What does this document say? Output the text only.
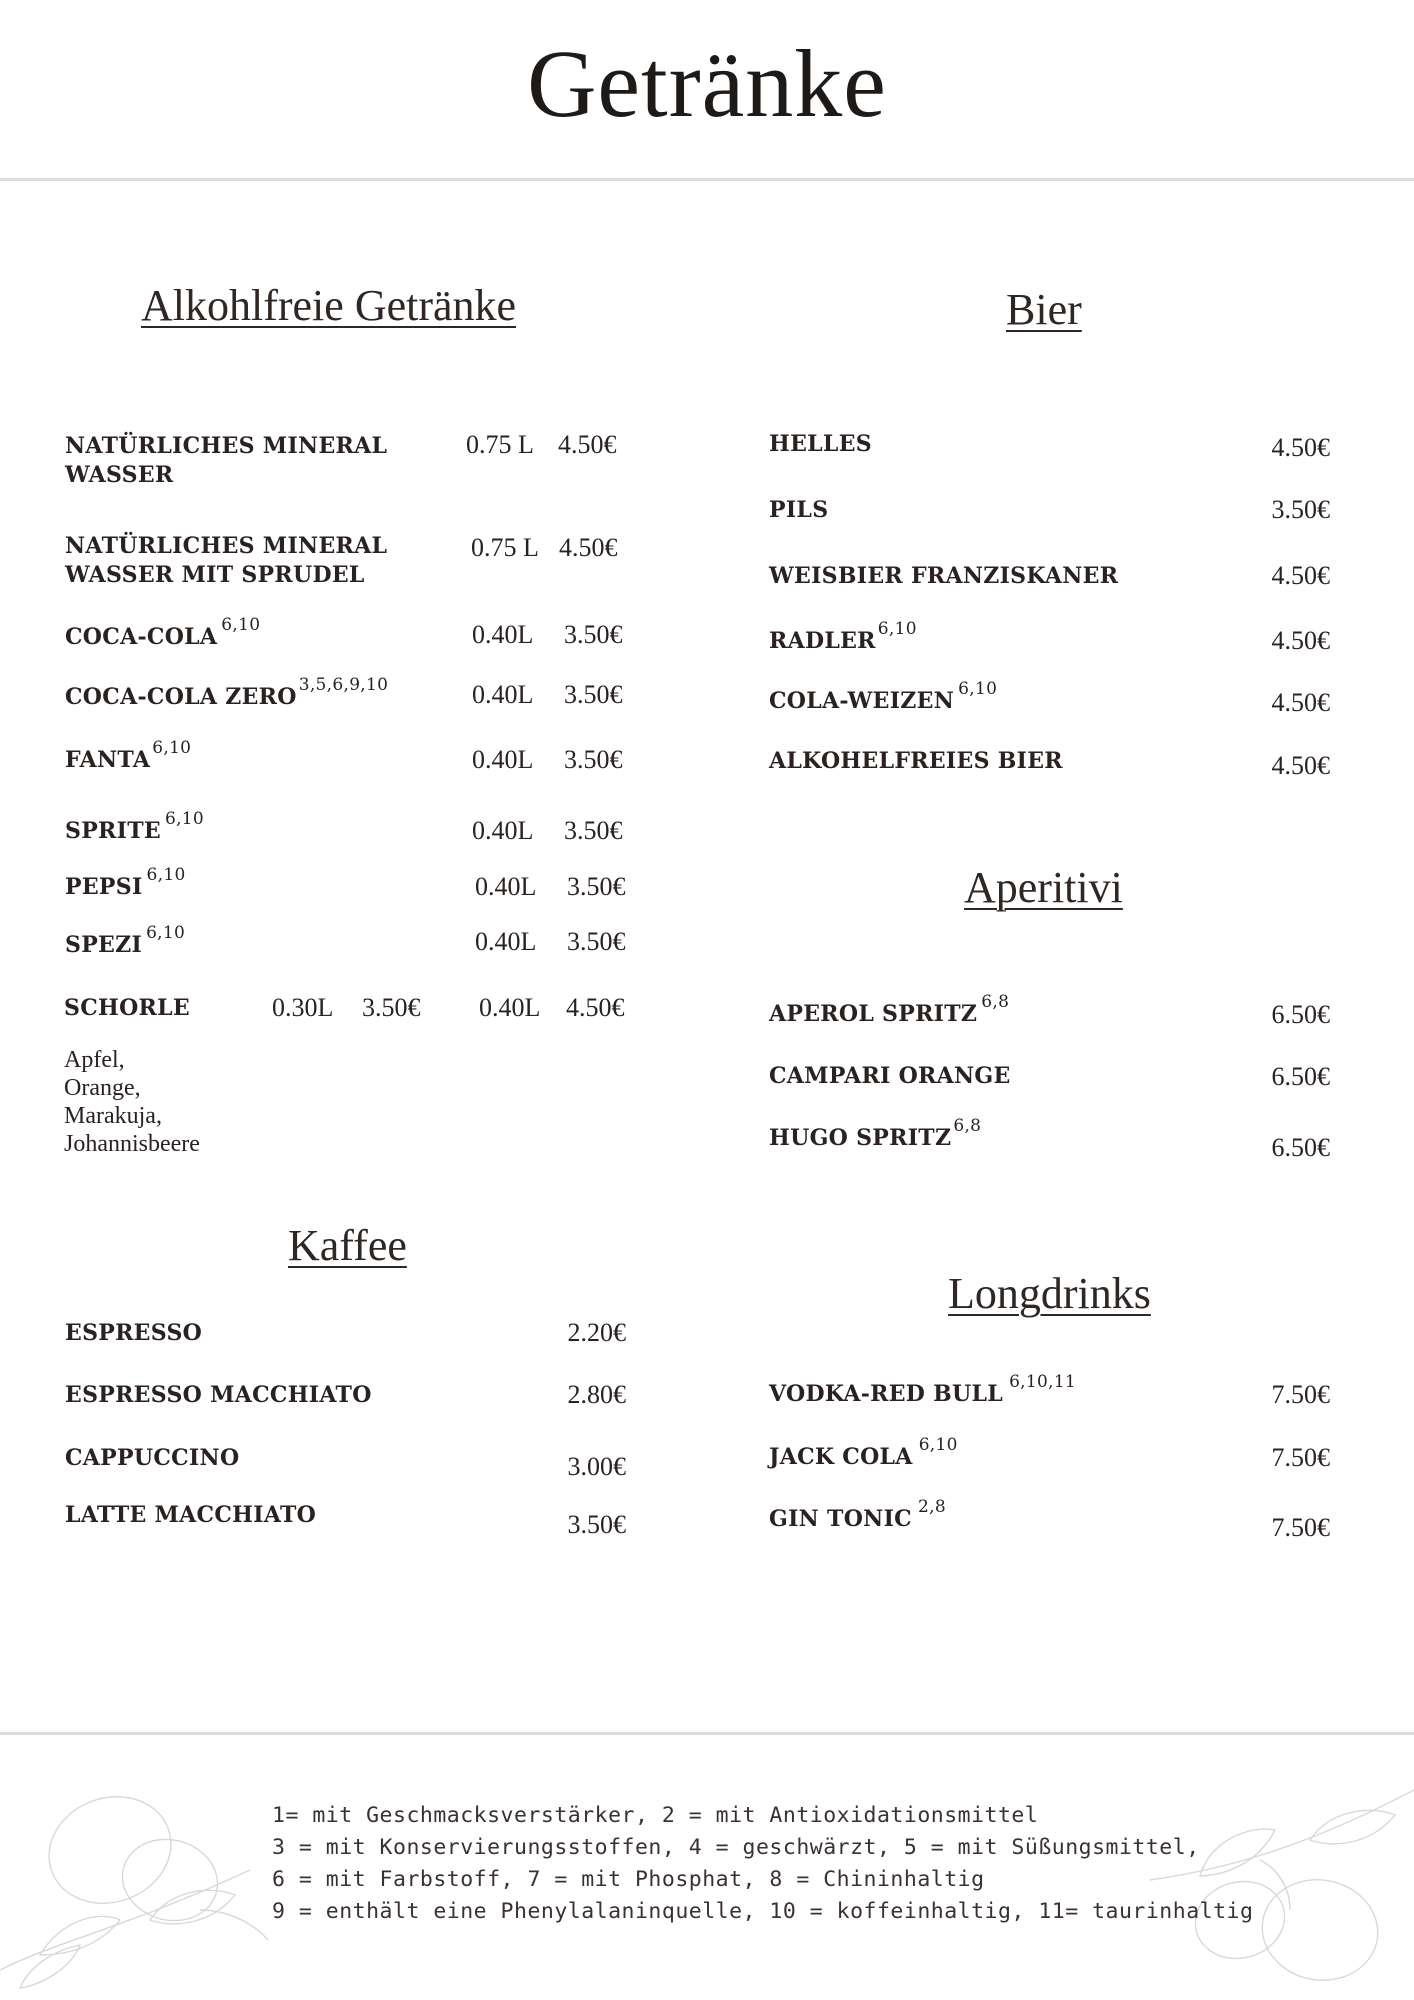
Getränke
Alkohlfreie Getränke
NATÜRLICHES MINERAL
WASSER
0.75 L 4.50€
NATÜRLICHES MINERAL
WASSER MIT SPRUDEL
0.75 L 4.50€
COCA-COLA $^{6,10}$	0.40L 3.50€
COCA-COLA ZERO $^{3,5,6,9,10}$	0.40L 3.50€
FANTA $^{6,10}$	0.40L 3.50€
SPRITE $^{6,10}$	0.40L 3.50€
PEPSI $^{6,10}$	0.40L 3.50€
SPEZI $^{6,10}$	0.40L 3.50€
SCHORLE	0.30L 3.50€ 0.40L 4.50€
Apfel,
Orange,
Marakuja,
Johannisbeere
Kaffee
ESPRESSO	2.20€
ESPRESSO MACCHIATO	2.80€
CAPPUCCINO	3.00€
LATTE MACCHIATO	3.50€
Bier
HELLES	4.50€
PILS	3.50€
WEISBIER FRANZISKANER	4.50€
RADLER $^{6,10}$	4.50€
COLA-WEIZEN $^{6,10}$	4.50€
ALKOHELFREIES BIER	4.50€
Aperitivi
APEROL SPRITZ $^{6,8}$	6.50€
CAMPARI ORANGE	6.50€
HUGO SPRITZ $^{6,8}$
6.50€
Longdrinks
VODKA-RED BULL $^{6,10,11}$	7.50€
JACK COLA $^{6,10}$	7.50€
GIN TONIC $^{2,8}$
7.50€
1= mit Geschmacksverstärker, 2 = mit Antioxidationsmittel
3 = mit Konservierungsstoffen, 4 = geschwärzt, 5 = mit Süßungsmittel,
6 = mit Farbstoff, 7 = mit Phosphat, 8 = Chininhaltig
9 = enthält eine Phenylalaninquelle, 10 = koffeinhaltig, 11= taurinhaltig
